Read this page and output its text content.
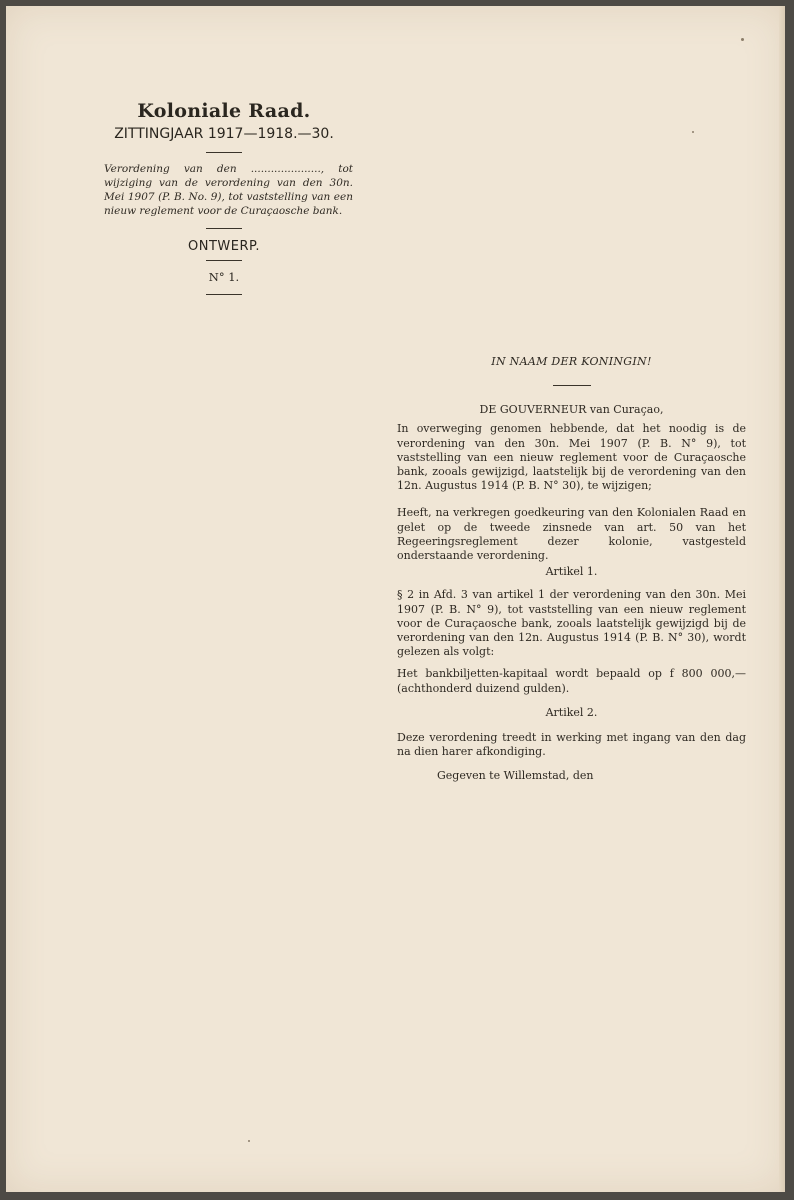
Koloniale Raad.
ZITTINGJAAR 1917—1918.—30.
Verordening van den ....................., tot wijziging van de verordening van den 30n. Mei 1907 (P. B. No. 9), tot vaststelling van een nieuw reglement voor de Curaçaosche bank.
ONTWERP.
N° 1.
IN NAAM DER KONINGIN!
DE GOUVERNEUR van Curaçao,

In overweging genomen hebbende, dat het noodig is de verordening van den 30n. Mei 1907 (P. B. N° 9), tot vaststelling van een nieuw reglement voor de Curaçaosche bank, zooals gewijzigd, laatstelijk bij de verordening van den 12n. Augustus 1914 (P. B. N° 30), te wijzigen;

Heeft, na verkregen goedkeuring van den Kolonialen Raad en gelet op de tweede zinsnede van art. 50 van het Regeeringsreglement dezer kolonie, vastgesteld onderstaande verordening.

Artikel 1.

§ 2 in Afd. 3 van artikel 1 der verordening van den 30n. Mei 1907 (P. B. N° 9), tot vaststelling van een nieuw reglement voor de Curaçaosche bank, zooals laatstelijk gewijzigd bij de verordening van den 12n. Augustus 1914 (P. B. N° 30), wordt gelezen als volgt:

Het bankbiljetten-kapitaal wordt bepaald op f 800 000,— (achthonderd duizend gulden).

Artikel 2.

Deze verordening treedt in werking met ingang van den dag na dien harer afkondiging.

Gegeven te Willemstad, den
